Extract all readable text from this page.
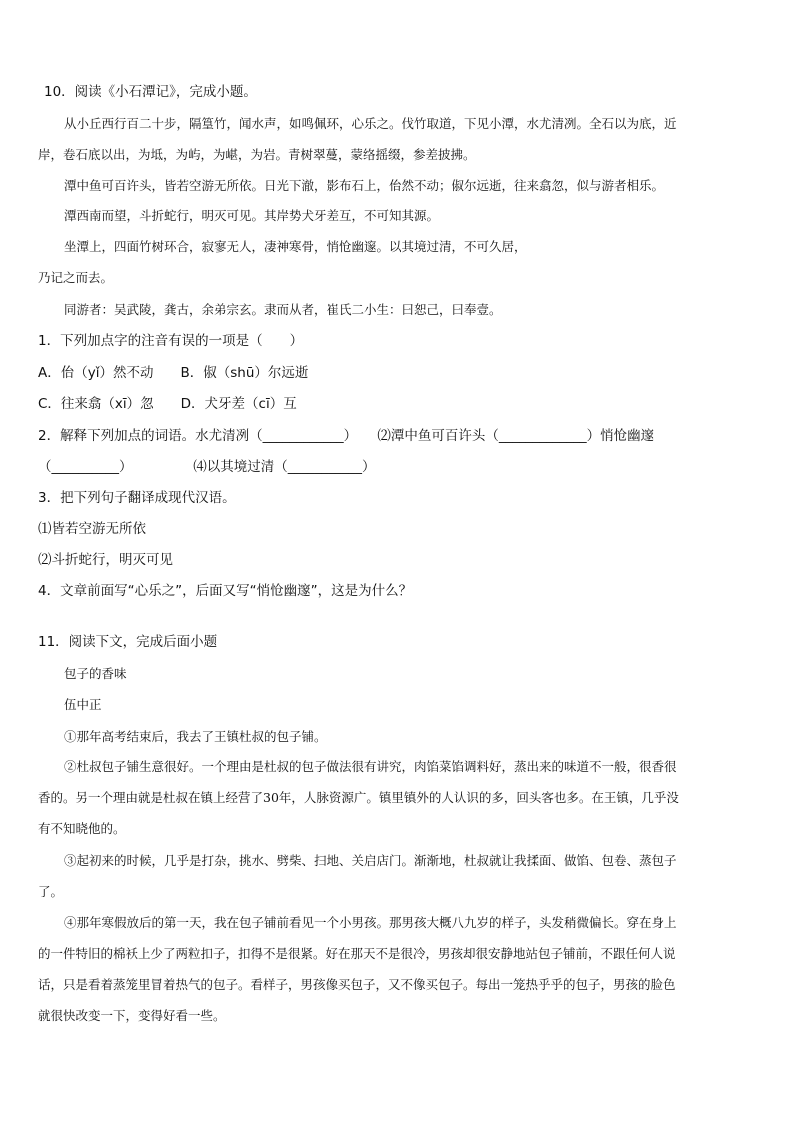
10．阅读《小石潭记》，完成小题。
从小丘西行百二十步，隔篁竹，闻水声，如鸣佩环，心乐之。伐竹取道，下见小潭，水尤清冽。全石以为底，近
岸，卷石底以出，为坻，为屿，为嵁，为岩。青树翠蔓，蒙络摇缀，参差披拂。
潭中鱼可百许头，皆若空游无所依。日光下澈，影布石上，佁然不动；俶尔远逝，往来翕忽，似与游者相乐。
潭西南而望，斗折蛇行，明灭可见。其岸势犬牙差互，不可知其源。
坐潭上，四面竹树环合，寂寥无人，凄神寒骨，悄怆幽邃。以其境过清，不可久居，
乃记之而去。
同游者：吴武陵，龚古，余弟宗玄。隶而从者，崔氏二小生：曰恕己，曰奉壹。
1．下列加点字的注音有误的一项是（　　）
A．佁（yǐ）然不动　　B．俶（shū）尔远逝
C．往来翕（xī）忽　　D．犬牙差（cī）互
2．解释下列加点的词语。水尤清冽（____________）　　⑵潭中鱼可百许头（_____________）悄怆幽邃
（__________）　　　　　⑷以其境过清（___________）
3．把下列句子翻译成现代汉语。
⑴皆若空游无所依
⑵斗折蛇行，明灭可见
4．文章前面写“心乐之”，后面又写“悄怆幽邃”，这是为什么？
11．阅读下文，完成后面小题
包子的香味
伍中正
①那年高考结束后，我去了王镇杜叔的包子铺。
②杜叔包子铺生意很好。一个理由是杜叔的包子做法很有讲究，肉馅菜馅调料好，蒸出来的味道不一般，很香很
香的。另一个理由就是杜叔在镇上经营了30年，人脉资源广。镇里镇外的人认识的多，回头客也多。在王镇，几乎没
有不知晓他的。
③起初来的时候，几乎是打杂，挑水、劈柴、扫地、关启店门。渐渐地，杜叔就让我揉面、做馅、包卷、蒸包子
了。
④那年寒假放后的第一天，我在包子铺前看见一个小男孩。那男孩大概八九岁的样子，头发稍微偏长。穿在身上
的一件特旧的棉袄上少了两粒扣子，扣得不是很紧。好在那天不是很冷，男孩却很安静地站包子铺前，不跟任何人说
话，只是看着蒸笼里冒着热气的包子。看样子，男孩像买包子，又不像买包子。每出一笼热乎乎的包子，男孩的脸色
就很快改变一下，变得好看一些。
